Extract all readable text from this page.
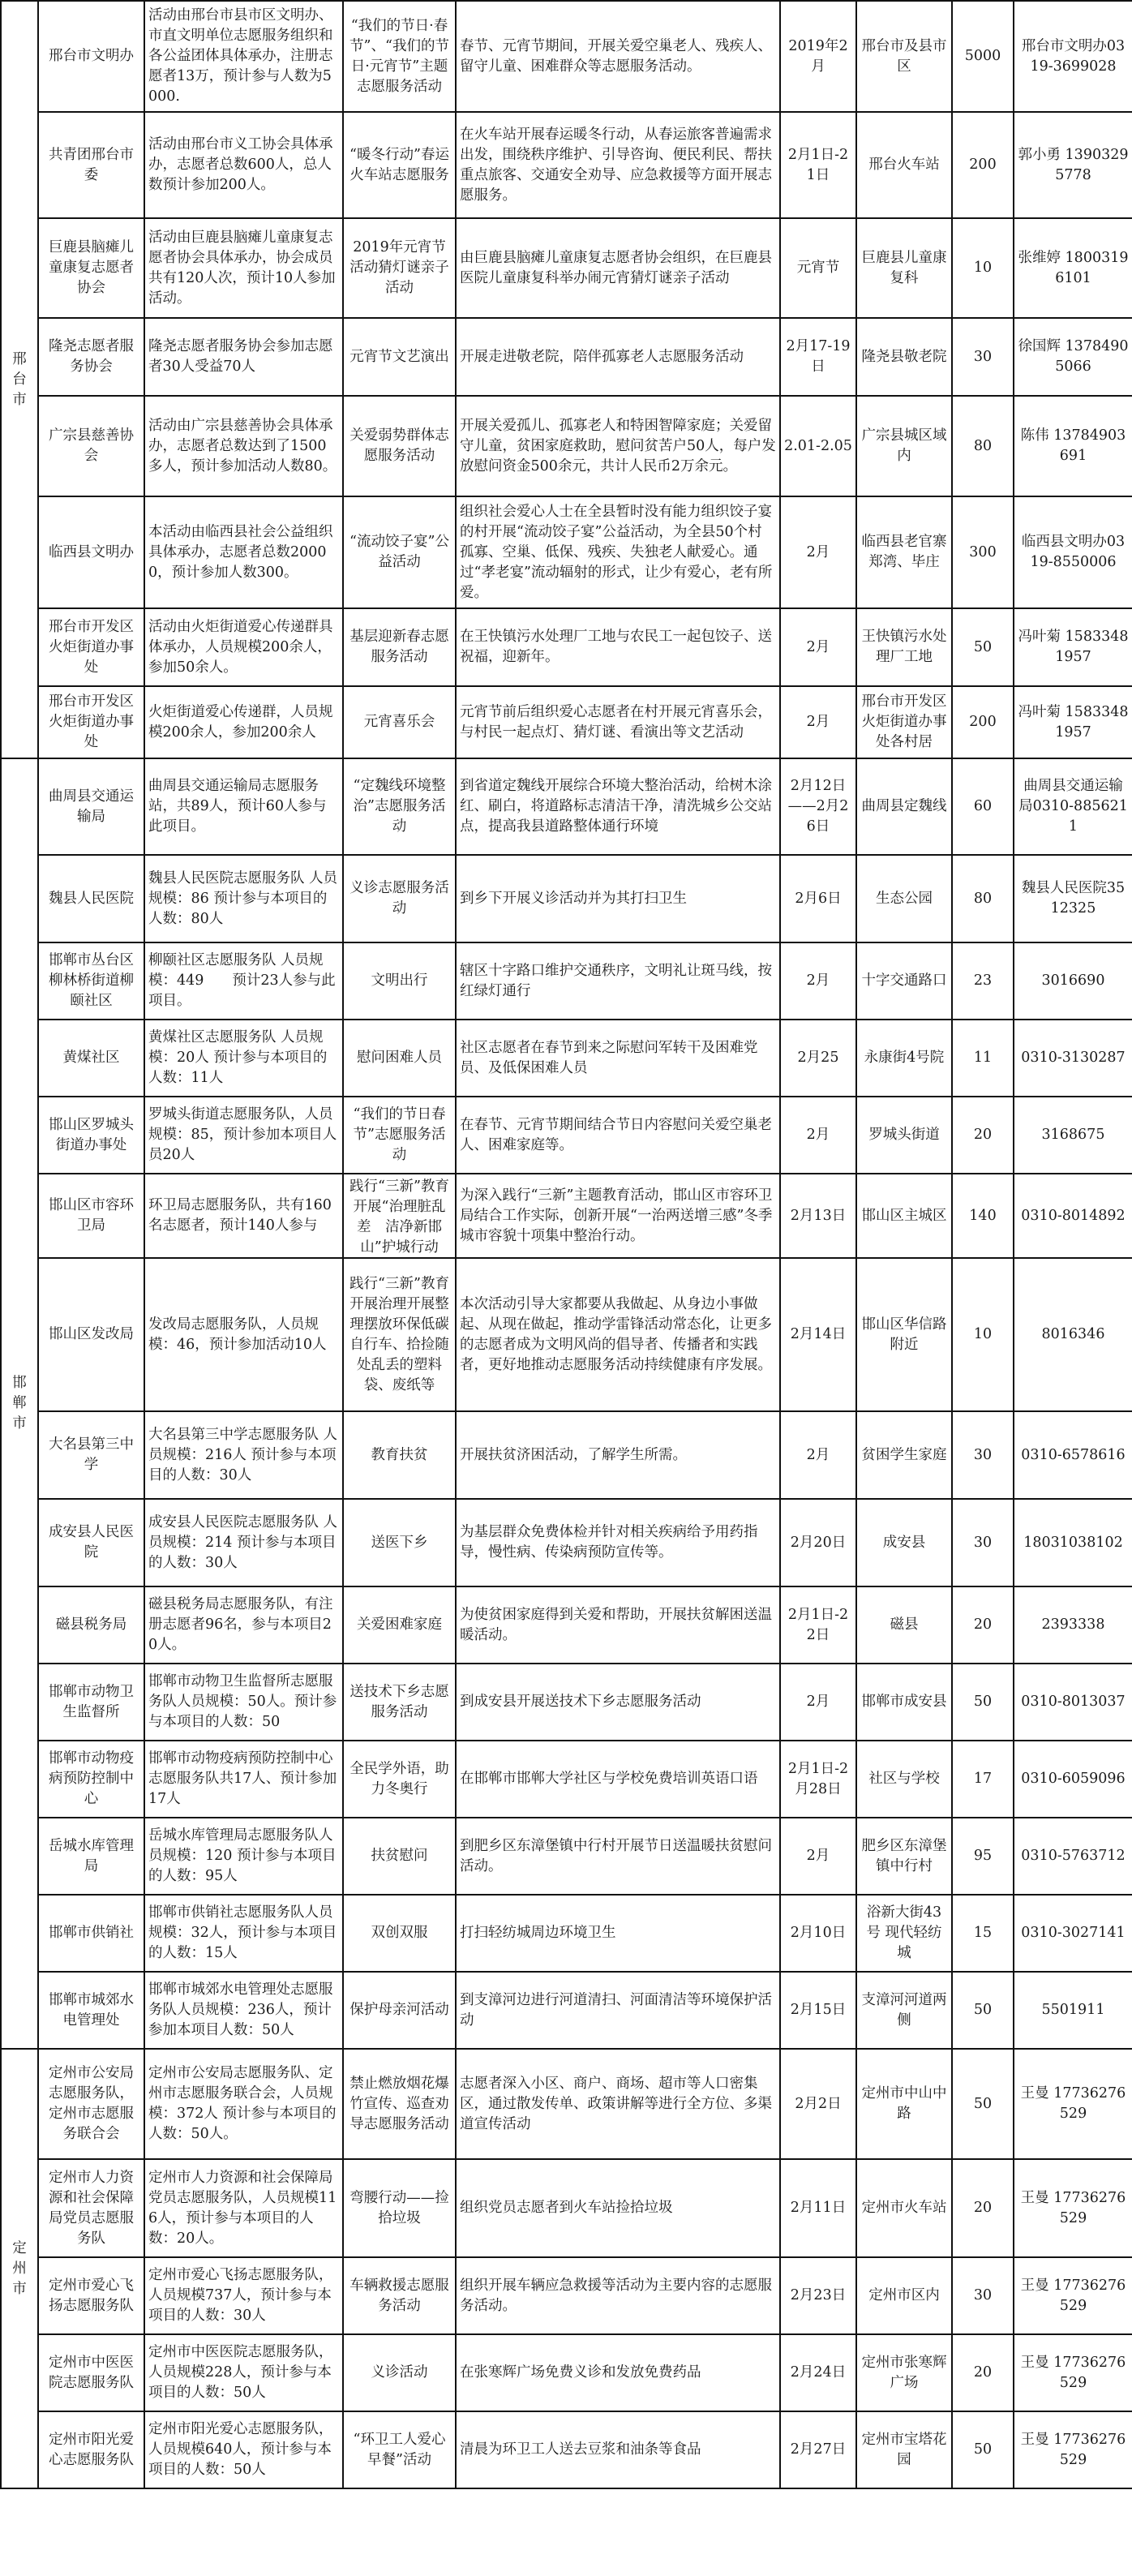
邢台市	邢台市文明办	活动由邢台市县市区文明办、市直文明单位志愿服务组织和各公益团体具体承办，注册志愿者13万，预计参与人数为5000.	“我们的节日·春节”、“我们的节日·元宵节”主题志愿服务活动	春节、元宵节期间，开展关爱空巢老人、残疾人、留守儿童、困难群众等志愿服务活动。	2019年2月	邢台市及县市区	5000	邢台市文明办0319-3699028

	共青团邢台市委	活动由邢台市义工协会具体承办，志愿者总数600人，总人数预计参加200人。	“暖冬行动”春运火车站志愿服务	在火车站开展春运暖冬行动，从春运旅客普遍需求出发，围绕秩序维护、引导咨询、便民利民、帮扶重点旅客、交通安全劝导、应急救援等方面开展志愿服务。	2月1日-21日	邢台火车站	200	郭小勇 13903295778

	巨鹿县脑瘫儿童康复志愿者协会	活动由巨鹿县脑瘫儿童康复志愿者协会具体承办，协会成员共有120人次，预计10人参加活动。	2019年元宵节活动猜灯谜亲子活动	由巨鹿县脑瘫儿童康复志愿者协会组织，在巨鹿县医院儿童康复科举办闹元宵猜灯谜亲子活动	元宵节	巨鹿县儿童康复科	10	张维婷 18003196101

	隆尧志愿者服务协会	隆尧志愿者服务协会参加志愿者30人受益70人	元宵节文艺演出	开展走进敬老院，陪伴孤寡老人志愿服务活动	2月17-19日	隆尧县敬老院	30	徐国辉 13784905066

	广宗县慈善协会	活动由广宗县慈善协会具体承办，志愿者总数达到了1500多人，预计参加活动人数80。	关爱弱势群体志愿服务活动	开展关爱孤儿、孤寡老人和特困智障家庭；关爱留守儿童，贫困家庭救助，慰问贫苦户50人，每户发放慰问资金500余元，共计人民币2万余元。	2.01-2.05	广宗县城区域内	80	陈伟 13784903691

	临西县文明办	本活动由临西县社会公益组织具体承办，志愿者总数20000，预计参加人数300。	“流动饺子宴”公益活动	组织社会爱心人士在全县暂时没有能力组织饺子宴的村开展“流动饺子宴”公益活动，为全县50个村孤寡、空巢、低保、残疾、失独老人献爱心。通过“孝老宴”流动辐射的形式，让少有爱心，老有所爱。	2月	临西县老官寨郑湾、毕庄	300	临西县文明办0319-8550006

	邢台市开发区火炬街道办事处	活动由火炬街道爱心传递群具体承办，人员规模200余人，参加50余人。	基层迎新春志愿服务活动	在王快镇污水处理厂工地与农民工一起包饺子、送祝福，迎新年。	2月	王快镇污水处理厂工地	50	冯叶菊 15833481957

	邢台市开发区火炬街道办事处	火炬街道爱心传递群，人员规模200余人，参加200余人	元宵喜乐会	元宵节前后组织爱心志愿者在村开展元宵喜乐会，与村民一起点灯、猜灯谜、看演出等文艺活动	2月	邢台市开发区火炬街道办事处各村居	200	冯叶菊 15833481957

邯郸市	曲周县交通运输局	曲周县交通运输局志愿服务站，共89人，预计60人参与此项目。	“定魏线环境整治”志愿服务活动	到省道定魏线开展综合环境大整治活动，给树木涂红、刷白，将道路标志清洁干净，清洗城乡公交站点，提高我县道路整体通行环境	2月12日——2月26日	曲周县定魏线	60	曲周县交通运输局0310-8856211

	魏县人民医院	魏县人民医院志愿服务队 人员规模：86 预计参与本项目的人数：80人	义诊志愿服务活动	到乡下开展义诊活动并为其打扫卫生	2月6日	生态公园	80	魏县人民医院3512325

	邯郸市丛台区柳林桥街道柳颐社区	柳颐社区志愿服务队 人员规模：449　　预计23人参与此项目。	文明出行	辖区十字路口维护交通秩序，文明礼让斑马线，按红绿灯通行	2月	十字交通路口	23	3016690

	黄煤社区	黄煤社区志愿服务队 人员规模：20人 预计参与本项目的人数：11人	慰问困难人员	社区志愿者在春节到来之际慰问军转干及困难党员、及低保困难人员	2月25	永康街4号院	11	0310-3130287

	邯山区罗城头街道办事处	罗城头街道志愿服务队，人员规模：85，预计参加本项目人员20人	“我们的节日春节”志愿服务活动	在春节、元宵节期间结合节日内容慰问关爱空巢老人、困难家庭等。	2月	罗城头街道	20	3168675

	邯山区市容环卫局	环卫局志愿服务队，共有160名志愿者，预计140人参与	践行“三新”教育开展“治理脏乱差　洁净新邯山”护城行动	为深入践行“三新”主题教育活动，邯山区市容环卫局结合工作实际，创新开展“一治两送增三感”冬季城市容貌十项集中整治行动。	2月13日	邯山区主城区	140	0310-8014892

	邯山区发改局	发改局志愿服务队，人员规模：46，预计参加活动10人	践行“三新”教育开展治理开展整理摆放环保低碳自行车、拾捡随处乱丢的塑料袋、废纸等	本次活动引导大家都要从我做起、从身边小事做起、从现在做起，推动学雷锋活动常态化，让更多的志愿者成为文明风尚的倡导者、传播者和实践者，更好地推动志愿服务活动持续健康有序发展。	2月14日	邯山区华信路附近	10	8016346

	大名县第三中学	大名县第三中学志愿服务队 人员规模：216人 预计参与本项目的人数：30人	教育扶贫	开展扶贫济困活动，了解学生所需。	2月	贫困学生家庭	30	0310-6578616

	成安县人民医院	成安县人民医院志愿服务队 人员规模：214 预计参与本项目的人数：30人	送医下乡	为基层群众免费体检并针对相关疾病给予用药指导，慢性病、传染病预防宣传等。	2月20日	成安县	30	18031038102

	磁县税务局	磁县税务局志愿服务队，有注册志愿者96名，参与本项目20人。	关爱困难家庭	为使贫困家庭得到关爱和帮助，开展扶贫解困送温暖活动。	2月1日-22日	磁县	20	2393338

	邯郸市动物卫生监督所	邯郸市动物卫生监督所志愿服务队人员规模：50人。预计参与本项目的人数：50	送技术下乡志愿服务活动	到成安县开展送技术下乡志愿服务活动	2月	邯郸市成安县	50	0310-8013037

	邯郸市动物疫病预防控制中心	邯郸市动物疫病预防控制中心志愿服务队共17人、预计参加17人	全民学外语，助力冬奥行	在邯郸市邯郸大学社区与学校免费培训英语口语	2月1日-2月28日	社区与学校	17	0310-6059096

	岳城水库管理局	岳城水库管理局志愿服务队人员规模：120 预计参与本项目的人数：95人	扶贫慰问	到肥乡区东漳堡镇中行村开展节日送温暖扶贫慰问活动。	2月	肥乡区东漳堡镇中行村	95	0310-5763712

	邯郸市供销社	邯郸市供销社志愿服务队人员规模：32人，预计参与本项目的人数：15人	双创双服	打扫轻纺城周边环境卫生	2月10日	浴新大街43号 现代轻纺城	15	0310-3027141

	邯郸市城郊水电管理处	邯郸市城郊水电管理处志愿服务队人员规模：236人，预计参加本项目人数：50人	保护母亲河活动	到支漳河边进行河道清扫、河面清洁等环境保护活动	2月15日	支漳河河道两侧	50	5501911

定州市	定州市公安局志愿服务队，定州市志愿服务联合会	定州市公安局志愿服务队、定州市志愿服务联合会，人员规模：372人 预计参与本项目的人数：50人。	禁止燃放烟花爆竹宣传、巡查劝导志愿服务活动	志愿者深入小区、商户、商场、超市等人口密集区，通过散发传单、政策讲解等进行全方位、多渠道宣传活动	2月2日	定州市中山中路	50	王曼 17736276529

	定州市人力资源和社会保障局党员志愿服务队	定州市人力资源和社会保障局党员志愿服务队，人员规模116人，预计参与本项目的人数：20人。	弯腰行动——捡拾垃圾	组织党员志愿者到火车站捡拾垃圾	2月11日	定州市火车站	20	王曼 17736276529

	定州市爱心飞扬志愿服务队	定州市爱心飞扬志愿服务队，人员规模737人，预计参与本项目的人数：30人	车辆救援志愿服务活动	组织开展车辆应急救援等活动为主要内容的志愿服务活动。	2月23日	定州市区内	30	王曼 17736276529

	定州市中医医院志愿服务队	定州市中医医院志愿服务队，人员规模228人，预计参与本项目的人数：50人	义诊活动	在张寒辉广场免费义诊和发放免费药品	2月24日	定州市张寒辉广场	20	王曼 17736276529

	定州市阳光爱心志愿服务队	定州市阳光爱心志愿服务队，人员规模640人，预计参与本项目的人数：50人	“环卫工人爱心早餐”活动	清晨为环卫工人送去豆浆和油条等食品	2月27日	定州市宝塔花园	50	王曼 17736276529
